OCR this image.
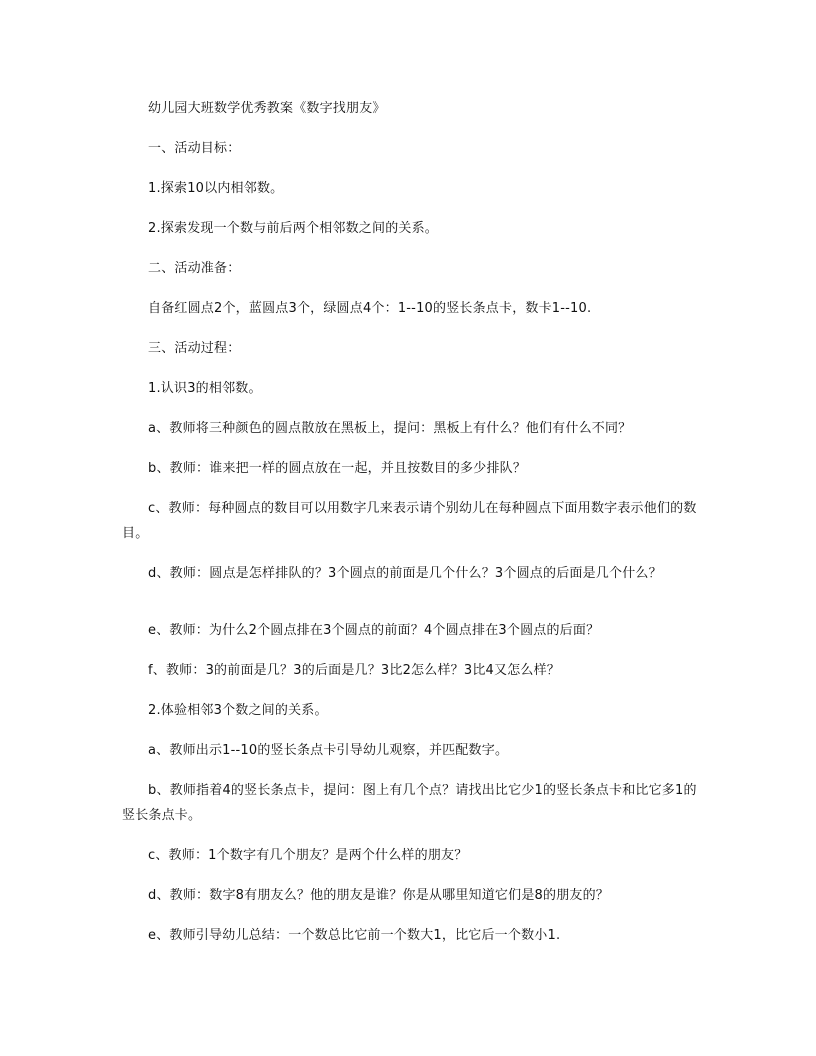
幼儿园大班数学优秀教案《数字找朋友》

一、活动目标：

1.探索10以内相邻数。

2.探索发现一个数与前后两个相邻数之间的关系。

二、活动准备：

自备红圆点2个，蓝圆点3个，绿圆点4个：1--10的竖长条点卡，数卡1--10.

三、活动过程：

1.认识3的相邻数。

a、教师将三种颜色的圆点散放在黑板上，提问：黑板上有什么？他们有什么不同？

b、教师：谁来把一样的圆点放在一起，并且按数目的多少排队？

c、教师：每种圆点的数目可以用数字几来表示请个别幼儿在每种圆点下面用数字表示他们的数目。

d、教师：圆点是怎样排队的？3个圆点的前面是几个什么？3个圆点的后面是几个什么？

e、教师：为什么2个圆点排在3个圆点的前面？4个圆点排在3个圆点的后面？

f、教师：3的前面是几？3的后面是几？3比2怎么样？3比4又怎么样？

2.体验相邻3个数之间的关系。

a、教师出示1--10的竖长条点卡引导幼儿观察，并匹配数字。

b、教师指着4的竖长条点卡，提问：图上有几个点？请找出比它少1的竖长条点卡和比它多1的竖长条点卡。

c、教师：1个数字有几个朋友？是两个什么样的朋友？

d、教师：数字8有朋友么？他的朋友是谁？你是从哪里知道它们是8的朋友的？

e、教师引导幼儿总结：一个数总比它前一个数大1，比它后一个数小1.
